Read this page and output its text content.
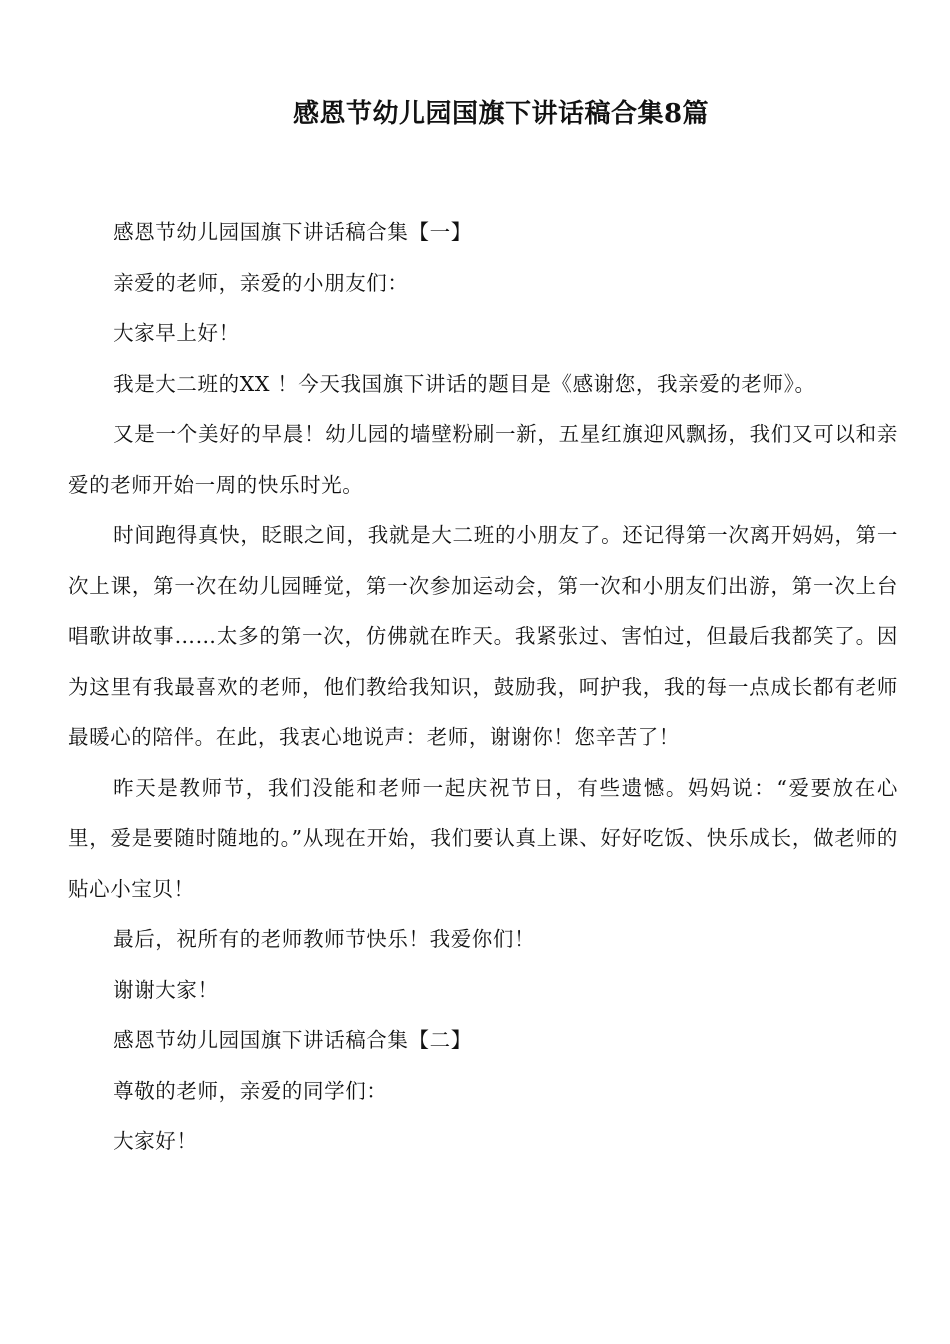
感恩节幼儿园国旗下讲话稿合集8篇

感恩节幼儿园国旗下讲话稿合集【一】

亲爱的老师，亲爱的小朋友们：

大家早上好！

我是大二班的XX ！今天我国旗下讲话的题目是《感谢您，我亲爱的老师》。

又是一个美好的早晨！幼儿园的墙壁粉刷一新，五星红旗迎风飘扬，我们又可以和亲爱的老师开始一周的快乐时光。

时间跑得真快，眨眼之间，我就是大二班的小朋友了。还记得第一次离开妈妈，第一次上课，第一次在幼儿园睡觉，第一次参加运动会，第一次和小朋友们出游，第一次上台唱歌讲故事……太多的第一次，仿佛就在昨天。我紧张过、害怕过，但最后我都笑了。因为这里有我最喜欢的老师，他们教给我知识，鼓励我，呵护我，我的每一点成长都有老师最暖心的陪伴。在此，我衷心地说声：老师，谢谢你！您辛苦了！

昨天是教师节，我们没能和老师一起庆祝节日，有些遗憾。妈妈说：“爱要放在心里，爱是要随时随地的。”从现在开始，我们要认真上课、好好吃饭、快乐成长，做老师的贴心小宝贝！

最后，祝所有的老师教师节快乐！我爱你们！

谢谢大家！

感恩节幼儿园国旗下讲话稿合集【二】

尊敬的老师，亲爱的同学们：

大家好！
